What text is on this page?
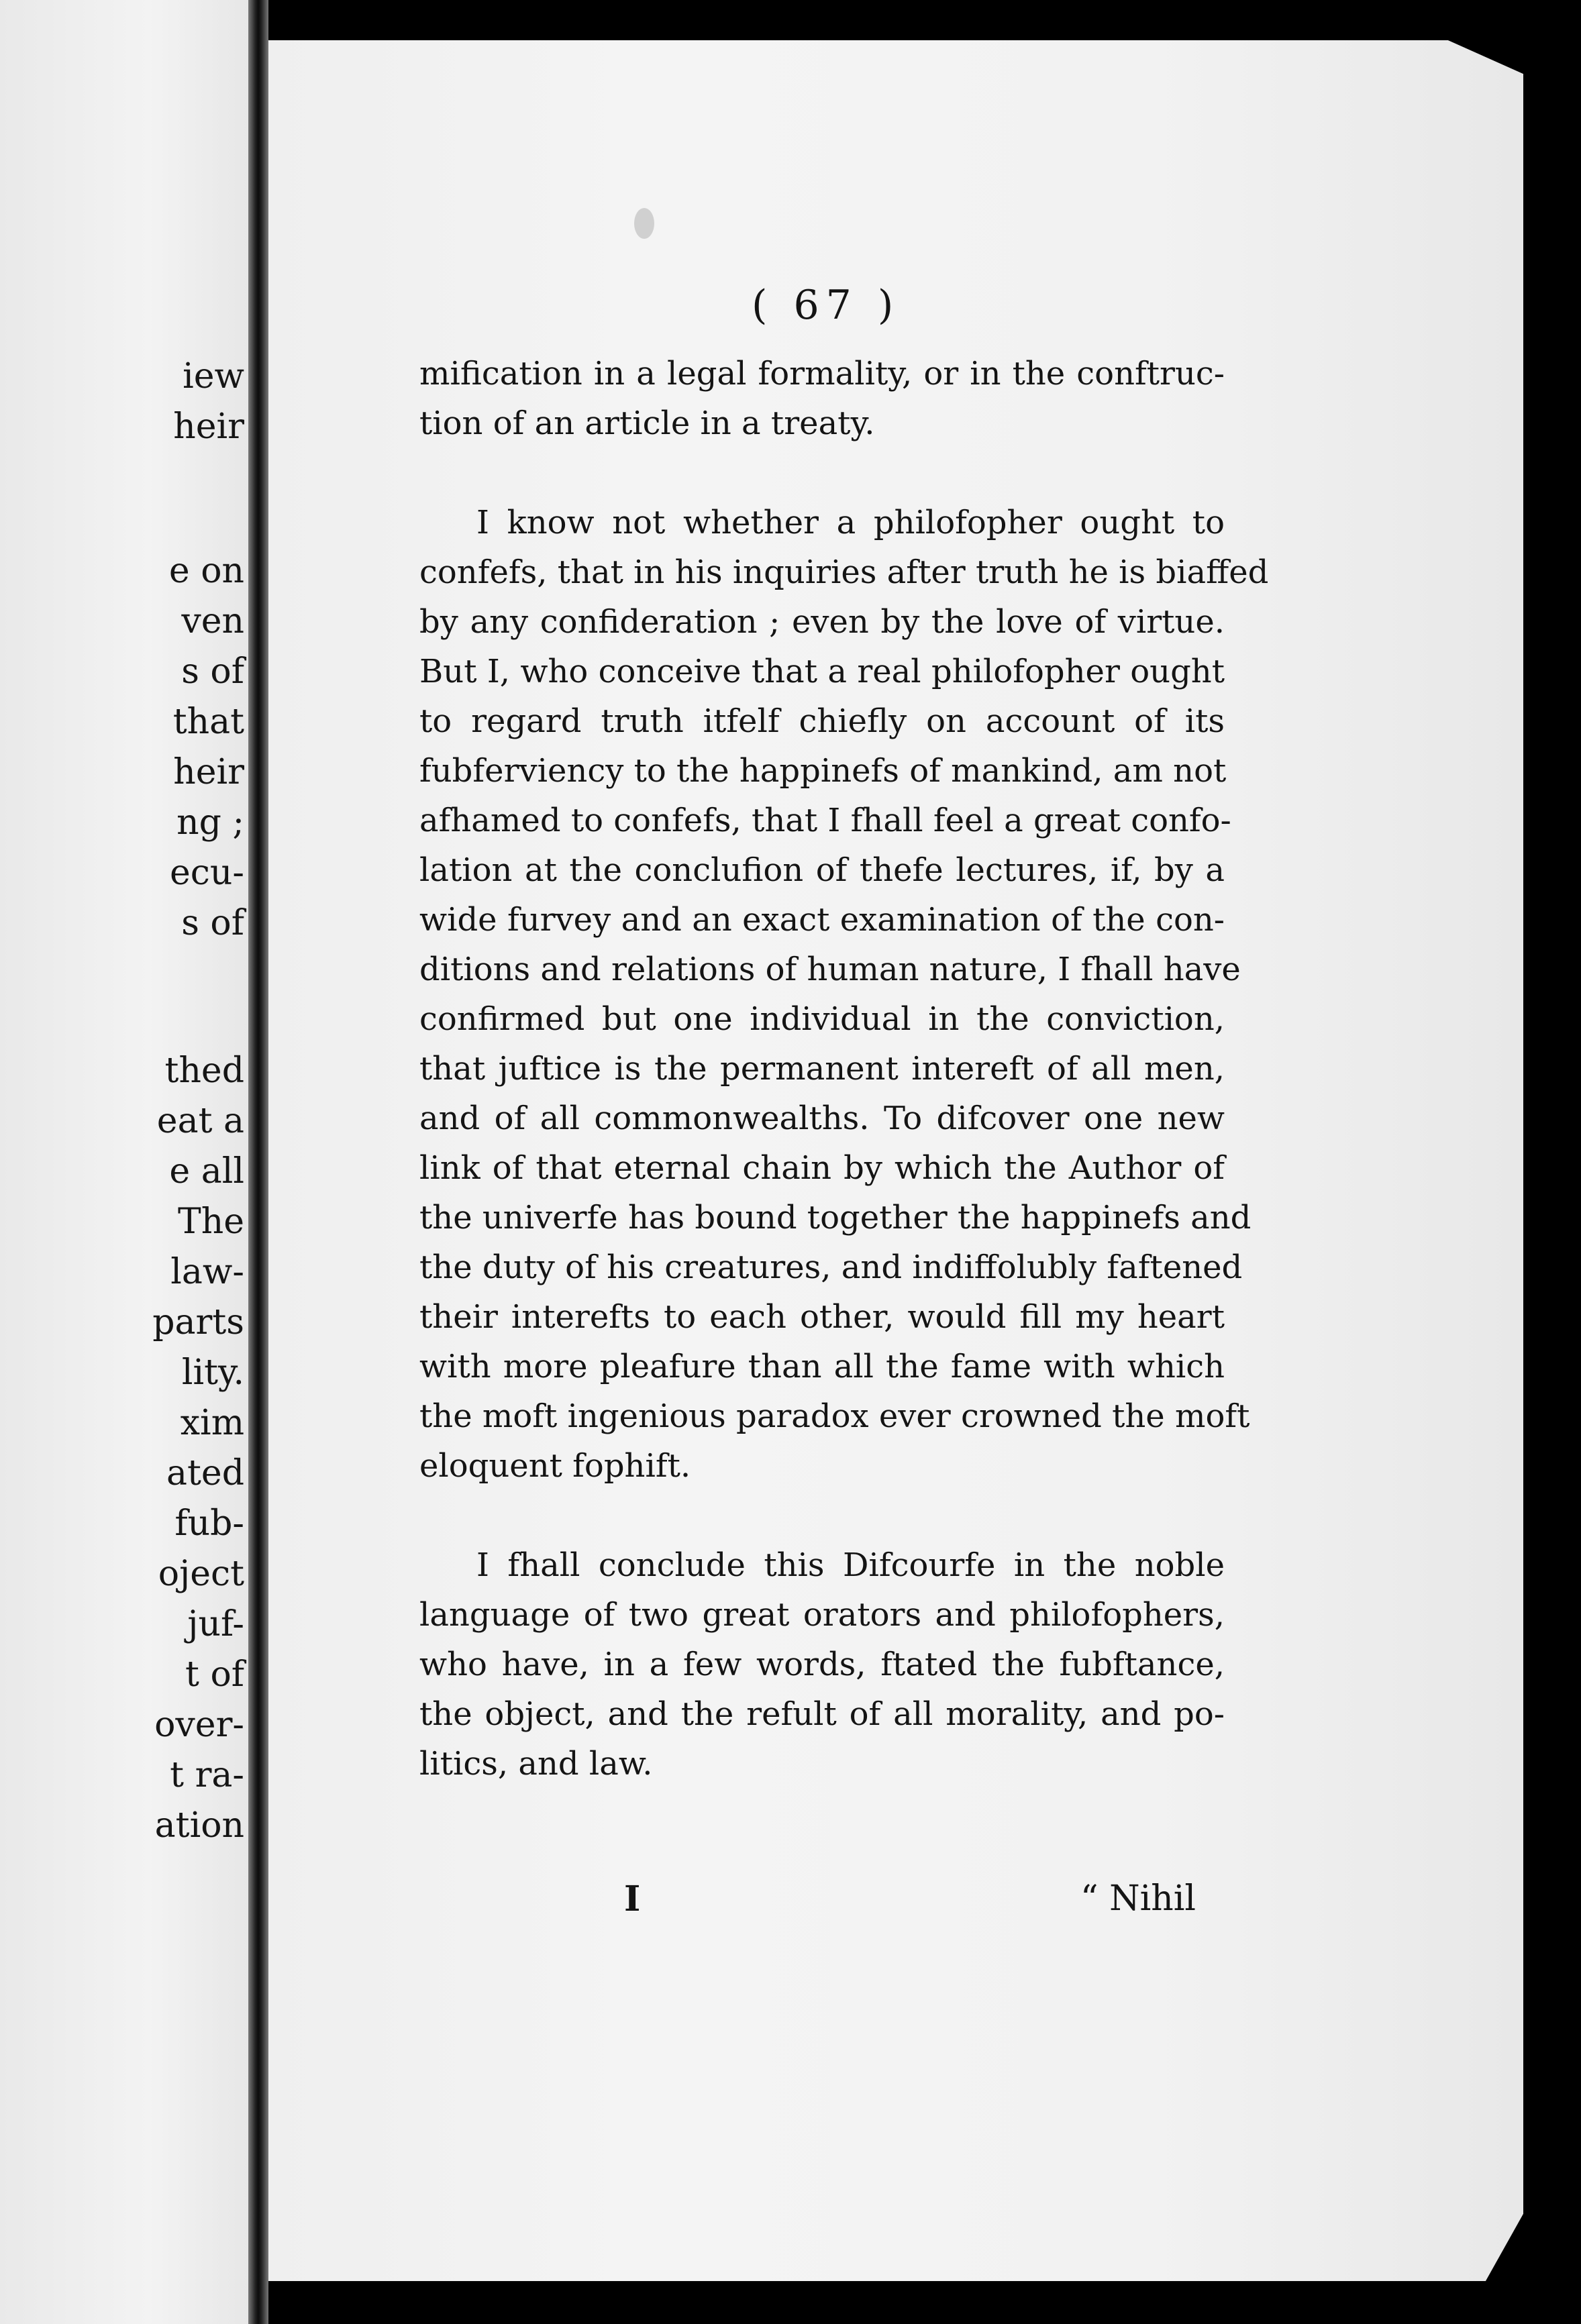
iew
heir
e on
ven
s of
that
heir
ng ;
ecu-
s of
thed
eat a
e all
The
law-
parts
lity.
xim
ated
fub-
oject
juf-
t of
over-
t ra-
ation
( 67 )
mification in a legal formality, or in the conftruc-
tion of an article in a treaty.
I know not whether a philofopher ought to
confefs, that in his inquiries after truth he is biaffed
by any confideration ; even by the love of virtue.
But I, who conceive that a real philofopher ought
to regard truth itfelf chiefly on account of its
fubferviency to the happinefs of mankind, am not
afhamed to confefs, that I fhall feel a great confo-
lation at the conclufion of thefe lectures, if, by a
wide furvey and an exact examination of the con-
ditions and relations of human nature, I fhall have
confirmed but one individual in the conviction,
that juftice is the permanent intereft of all men,
and of all commonwealths. To difcover one new
link of that eternal chain by which the Author of
the univerfe has bound together the happinefs and
the duty of his creatures, and indiffolubly faftened
their interefts to each other, would fill my heart
with more pleafure than all the fame with which
the moft ingenious paradox ever crowned the moft
eloquent fophift.
I fhall conclude this Difcourfe in the noble
language of two great orators and philofophers,
who have, in a few words, ftated the fubftance,
the object, and the refult of all morality, and po-
litics, and law.
I	“ Nihil
